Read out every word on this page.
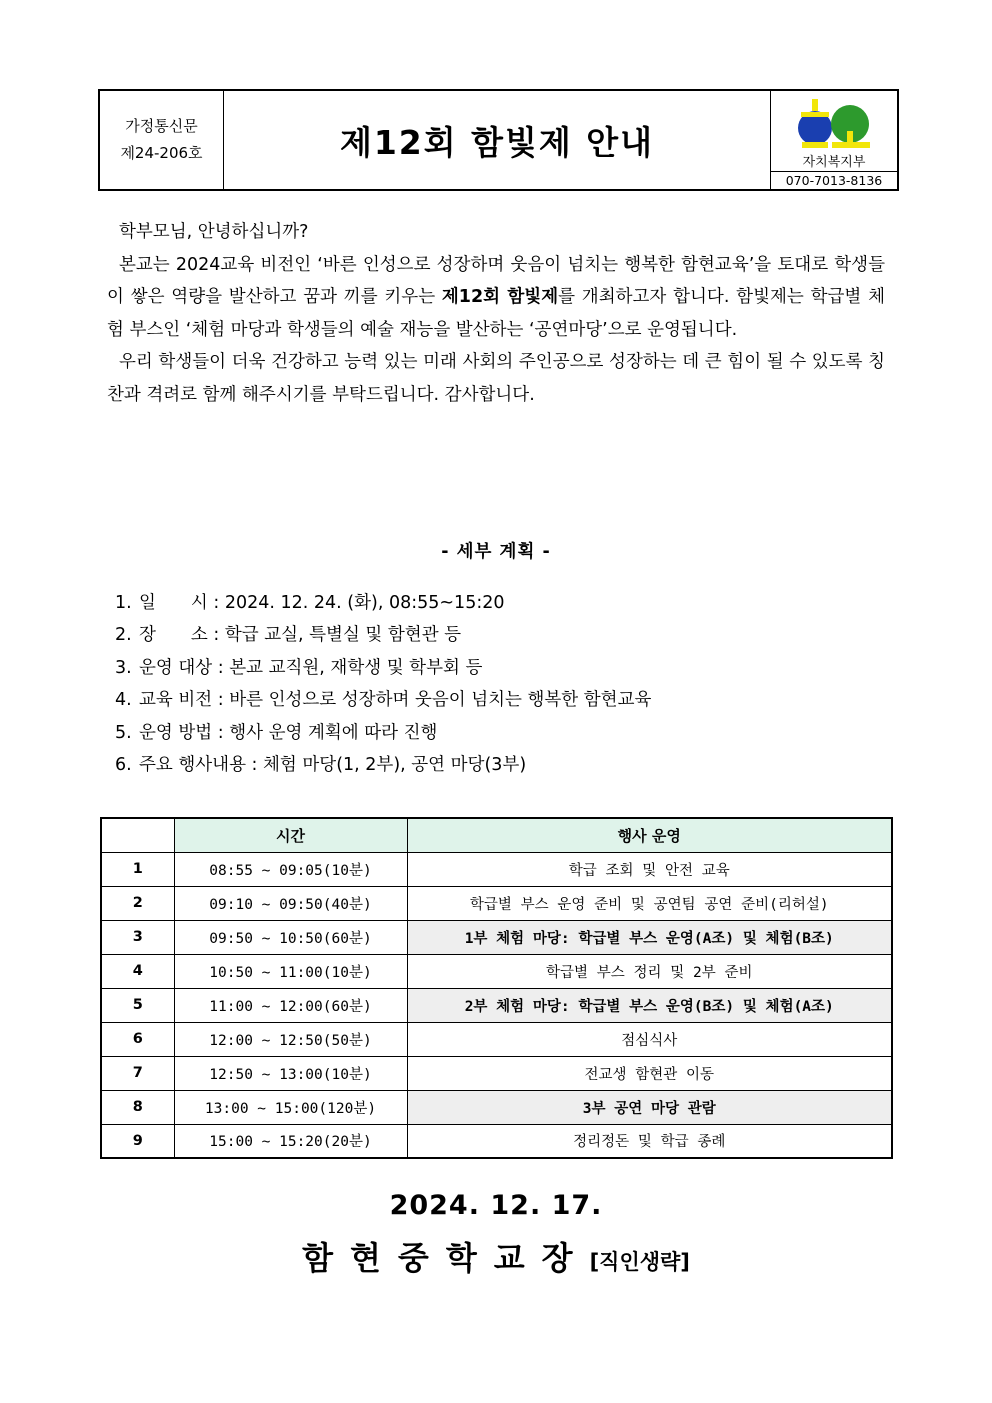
가정통신문
제24-206호	제12회 함빛제 안내
자치복지부
070-7013-8136

학부모님, 안녕하십니까?

본교는 2024교육 비전인 ‘바른 인성으로 성장하며 웃음이 넘치는 행복한 함현교육’을 토대로 학생들이 쌓은 역량을 발산하고 꿈과 끼를 키우는 제12회 함빛제를 개최하고자 합니다. 함빛제는 학급별 체험 부스인 ‘체험 마당과 학생들의 예술 재능을 발산하는 ‘공연마당’으로 운영됩니다.

우리 학생들이 더욱 건강하고 능력 있는 미래 사회의 주인공으로 성장하는 데 큰 힘이 될 수 있도록 칭찬과 격려로 함께 해주시기를 부탁드립니다. 감사합니다.

- 세부 계획 -
1. 일　　시 : 2024. 12. 24. (화), 08:55~15:20
2. 장　　소 : 학급 교실, 특별실 및 함현관 등
3. 운영 대상 : 본교 교직원, 재학생 및 학부회 등
4. 교육 비전 : 바른 인성으로 성장하며 웃음이 넘치는 행복한 함현교육
5. 운영 방법 : 행사 운영 계획에 따라 진행
6. 주요 행사내용 : 체험 마당(1, 2부), 공연 마당(3부)
	시간	행사 운영
1	08:55 ~ 09:05(10분)	학급 조회 및 안전 교육
2	09:10 ~ 09:50(40분)	학급별 부스 운영 준비 및 공연팀 공연 준비(리허설)
3	09:50 ~ 10:50(60분)	1부 체험 마당: 학급별 부스 운영(A조) 및 체험(B조)
4	10:50 ~ 11:00(10분)	학급별 부스 정리 및 2부 준비
5	11:00 ~ 12:00(60분)	2부 체험 마당: 학급별 부스 운영(B조) 및 체험(A조)
6	12:00 ~ 12:50(50분)	점심식사
7	12:50 ~ 13:00(10분)	전교생 함현관 이동
8	13:00 ~ 15:00(120분)	3부 공연 마당 관람
9	15:00 ~ 15:20(20분)	정리정돈 및 학급 종례
2024. 12. 17.
함현중학교장[직인생략]
